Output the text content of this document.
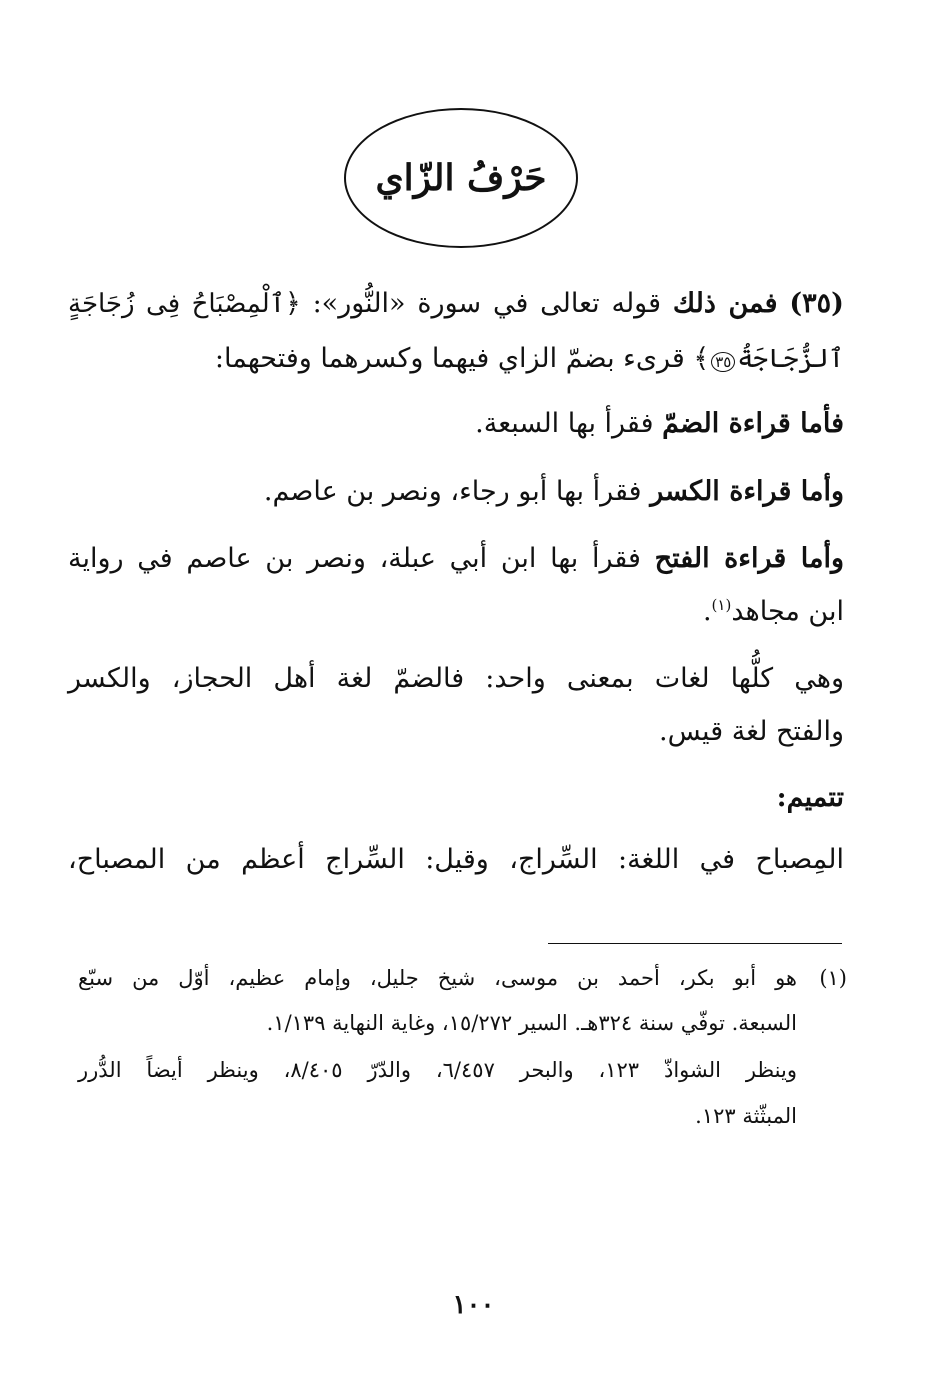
حَرْفُ الزّاي
(٣٥) فمن ذلك قوله تعالى في سورة «النُّور»: ﴿ٱلْمِصْبَاحُ فِى زُجَاجَةٍ
ٱلزُّجَاجَةُ٣٥﴾ قرىء بضمّ الزاي فيهما وكسرهما وفتحهما:
فأما قراءة الضمّ فقرأ بها السبعة.
وأما قراءة الكسر فقرأ بها أبو رجاء، ونصر بن عاصم.
وأما قراءة الفتح فقرأ بها ابن أبي عبلة، ونصر بن عاصم في رواية
ابن مجاهد$^{(١)}$.
وهي كلُّها لغات بمعنى واحد: فالضمّ لغة أهل الحجاز، والكسر
والفتح لغة قيس.
تتميم:
المِصباح في اللغة: السِّراج، وقيل: السِّراج أعظم من المصباح،
(١)
هو أبو بكر، أحمد بن موسى، شيخ جليل، وإمام عظيم، أوّل من سبّع
السبعة. توفّي سنة ٣٢٤هـ. السير ١٥/٢٧٢، وغاية النهاية ١/١٣٩.
وينظر الشواذّ ١٢٣، والبحر ٦/٤٥٧، والدّرّ ٨/٤٠٥، وينظر أيضاً الدُّرر
المبثّثة ١٢٣.
١٠٠
